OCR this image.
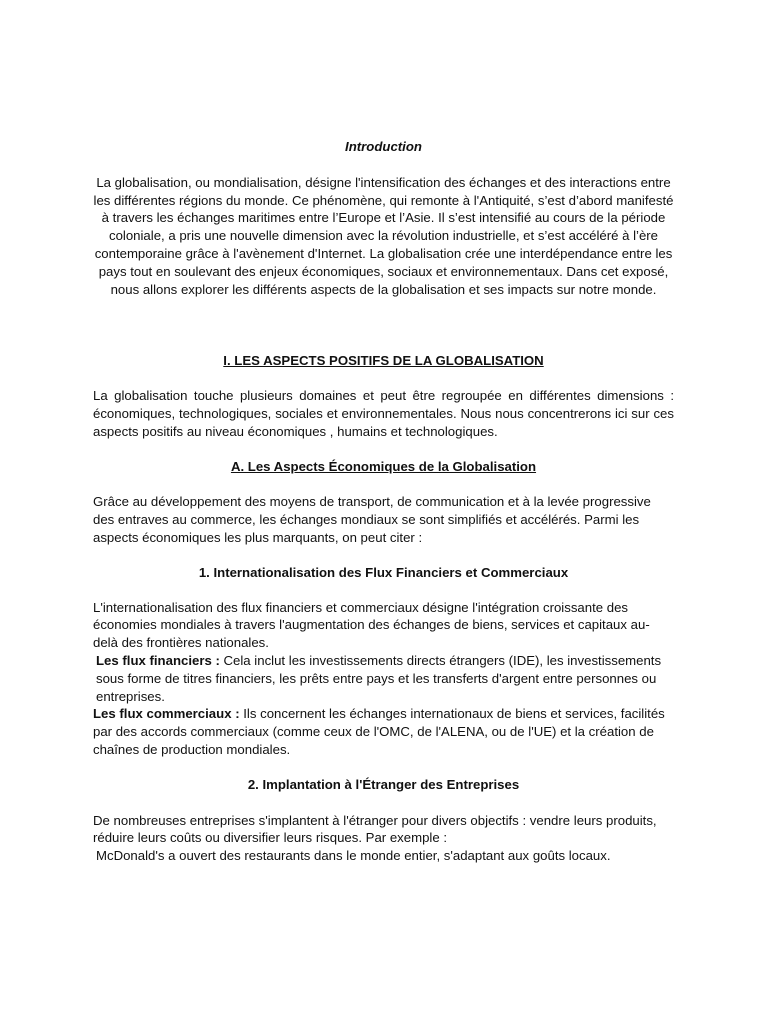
Introduction

La globalisation, ou mondialisation, désigne l'intensification des échanges et des interactions entre les différentes régions du monde. Ce phénomène, qui remonte à l'Antiquité, s’est d’abord manifesté à travers les échanges maritimes entre l’Europe et l’Asie. Il s’est intensifié au cours de la période coloniale, a pris une nouvelle dimension avec la révolution industrielle, et s’est accéléré à l’ère contemporaine grâce à l'avènement d'Internet. La globalisation crée une interdépendance entre les pays tout en soulevant des enjeux économiques, sociaux et environnementaux. Dans cet exposé, nous allons explorer les différents aspects de la globalisation et ses impacts sur notre monde.

I. LES ASPECTS POSITIFS DE LA GLOBALISATION

La globalisation touche plusieurs domaines et peut être regroupée en différentes dimensions : économiques, technologiques, sociales et environnementales. Nous nous concentrerons ici sur ces aspects positifs au niveau économiques , humains et technologiques.

A. Les Aspects Économiques de la Globalisation

Grâce au développement des moyens de transport, de communication et à la levée progressive des entraves au commerce, les échanges mondiaux se sont simplifiés et accélérés. Parmi les aspects économiques les plus marquants, on peut citer :

1. Internationalisation des Flux Financiers et Commerciaux

L'internationalisation des flux financiers et commerciaux désigne l'intégration croissante des économies mondiales à travers l'augmentation des échanges de biens, services et capitaux au-delà des frontières nationales.

Les flux financiers : Cela inclut les investissements directs étrangers (IDE), les investissements sous forme de titres financiers, les prêts entre pays et les transferts d'argent entre personnes ou entreprises.

Les flux commerciaux : Ils concernent les échanges internationaux de biens et services, facilités par des accords commerciaux (comme ceux de l'OMC, de l'ALENA, ou de l'UE) et la création de chaînes de production mondiales.

2. Implantation à l'Étranger des Entreprises

De nombreuses entreprises s'implantent à l'étranger pour divers objectifs : vendre leurs produits, réduire leurs coûts ou diversifier leurs risques. Par exemple :

McDonald's a ouvert des restaurants dans le monde entier, s'adaptant aux goûts locaux.
